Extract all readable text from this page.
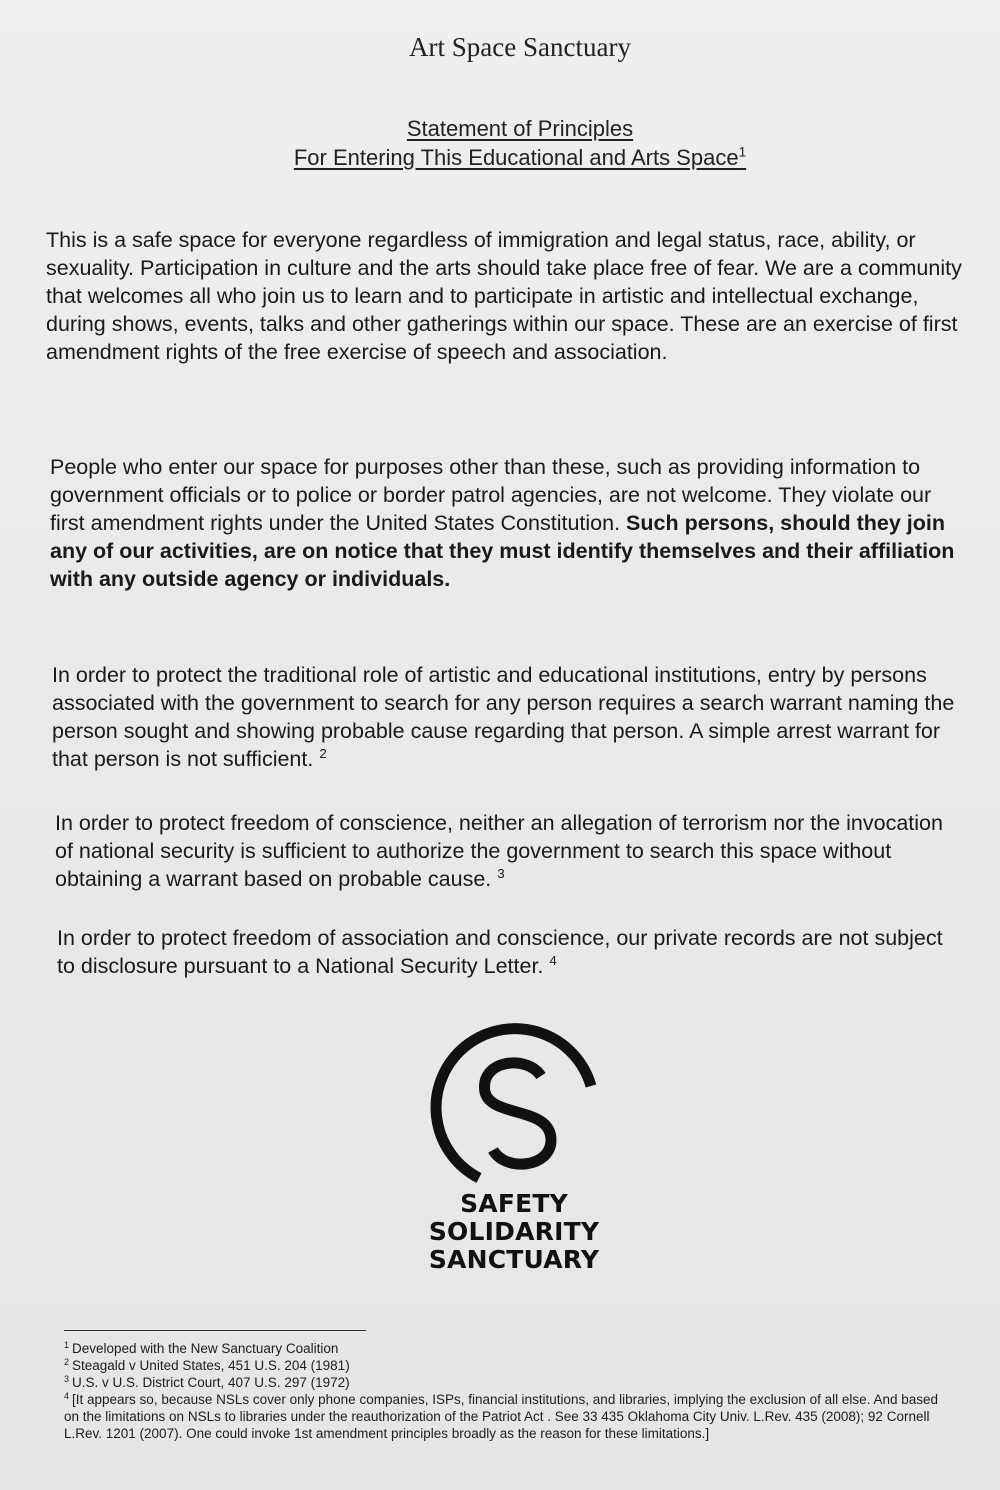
Art Space Sanctuary
Statement of Principles
For Entering This Educational and Arts Space$^1$

This is a safe space for everyone regardless of immigration and legal status, race, ability, or sexuality. Participation in culture and the arts should take place free of fear. We are a community that welcomes all who join us to learn and to participate in artistic and intellectual exchange, during shows, events, talks and other gatherings within our space. These are an exercise of first amendment rights of the free exercise of speech and association.

People who enter our space for purposes other than these, such as providing information to government officials or to police or border patrol agencies, are not welcome. They violate our first amendment rights under the United States Constitution. Such persons, should they join any of our activities, are on notice that they must identify themselves and their affiliation with any outside agency or individuals.

In order to protect the traditional role of artistic and educational institutions, entry by persons associated with the government to search for any person requires a search warrant naming the person sought and showing probable cause regarding that person. A simple arrest warrant for that person is not sufficient. $^2$

In order to protect freedom of conscience, neither an allegation of terrorism nor the invocation of national security is sufficient to authorize the government to search this space without obtaining a warrant based on probable cause. $^3$

In order to protect freedom of association and conscience, our private records are not subject to disclosure pursuant to a National Security Letter. $^4$

SAFETY
SOLIDARITY
SANCTUARY

$^1$ Developed with the New Sanctuary Coalition

$^2$ Steagald v United States, 451 U.S. 204 (1981)

$^3$ U.S. v U.S. District Court, 407 U.S. 297 (1972)

$^4$ [It appears so, because NSLs cover only phone companies, ISPs, financial institutions, and libraries, implying the exclusion of all else. And based on the limitations on NSLs to libraries under the reauthorization of the Patriot Act . See 33 435 Oklahoma City Univ. L.Rev. 435 (2008); 92 Cornell L.Rev. 1201 (2007). One could invoke 1st amendment principles broadly as the reason for these limitations.]
